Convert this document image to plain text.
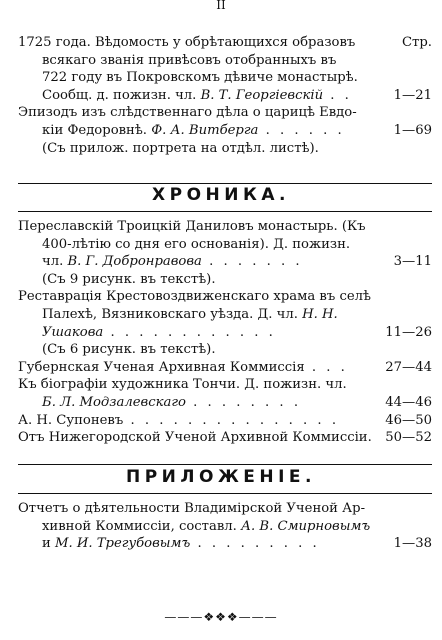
II
1725 года. Вѣдомость у обрѣтающихся образовъ	Стр.
всякаго званія привѣсовъ отобранныхъ въ
722 году въ Покровскомъ дѣвиче монастырѣ.
Сообщ. д. пожизн. чл. В. Т. Георгіевскій . .	1—21
Эпизодъ изъ слѣдственнаго дѣла о царицѣ Евдо-
кіи Федоровнѣ. Ф. А. Витберга . . . . . .	1—69
(Съ прилож. портрета на отдѣл. листѣ).
ХРОНИКА.
Переславскій Троицкій Даниловъ монастырь. (Къ
400-лѣтію со дня его основанія). Д. пожизн.
чл. В. Г. Добронравова . . . . . . .	3—11
(Съ 9 рисунк. въ текстѣ).
Реставрація Крестовоздвиженскаго храма въ селѣ
Палехѣ, Вязниковскаго уѣзда. Д. чл. Н. Н.
Ушакова . . . . . . . . . . . .	11—26
(Съ 6 рисунк. въ текстѣ).
Губернская Ученая Архивная Коммиссія . . .	27—44
Къ біографіи художника Тончи. Д. пожизн. чл.
Б. Л. Модзалевскаго . . . . . . . .	44—46
А. Н. Супоневъ . . . . . . . . . . . . . . .	46—50
Отъ Нижегородской Ученой Архивной Коммиссіи. 50—52
ПРИЛОЖЕНІЕ.
Отчетъ о дѣятельности Владимірской Ученой Ар-
хивной Коммиссіи, составл. А. В. Смирновымъ
и М. И. Трегубовымъ . . . . . . . . .	1—38
———❖❖❖———
